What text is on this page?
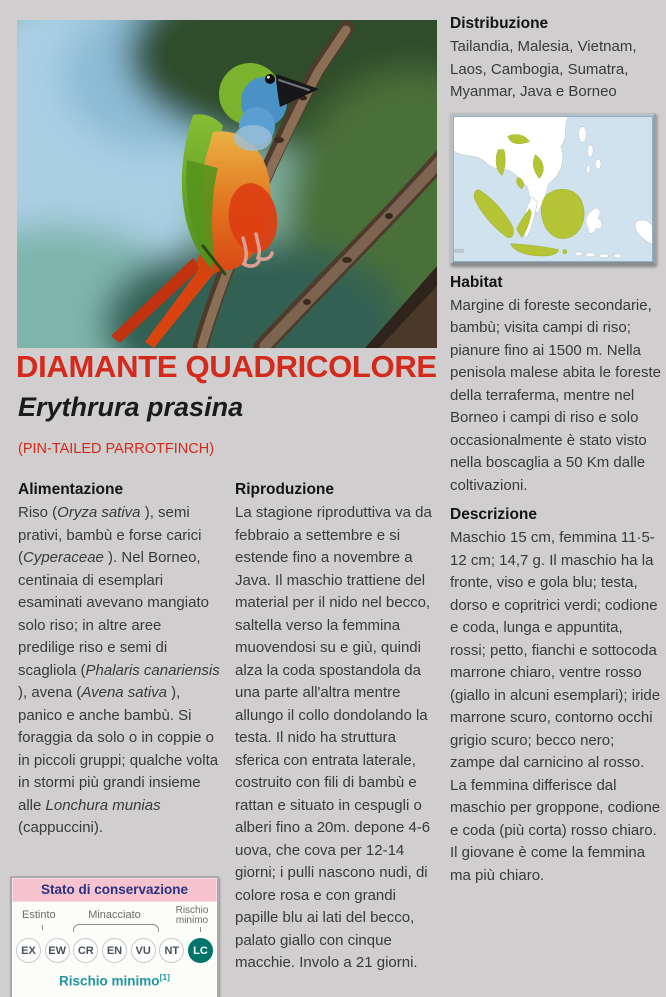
DIAMANTE QUADRICOLORE
Erythrura prasina
(PIN-TAILED PARROTFINCH)
Alimentazione

Riso (Oryza sativa ), semi prativi, bambù e forse carici (Cyperaceae ). Nel Borneo, centinaia di esemplari esaminati avevano mangiato solo riso; in altre aree predilige riso e semi di scagliola (Phalaris canariensis ), avena (Avena sativa ), panico e anche bambù. Si foraggia da solo o in coppie o in piccoli gruppi; qualche volta in stormi più grandi insieme alle Lonchura munias (cappuccini).

Riproduzione

La stagione riproduttiva va da febbraio a settembre e si estende fino a novembre a Java. Il maschio trattiene del material per il nido nel becco, saltella verso la femmina muovendosi su e giù, quindi alza la coda spostandola da una parte all'altra mentre allungo il collo dondolando la testa. Il nido ha struttura sferica con entrata laterale, costruito con fili di bambù e rattan e situato in cespugli o alberi fino a 20m. depone 4-6 uova, che cova per 12-14 giorni; i pulli nascono nudi, di colore rosa e con grandi papille blu ai lati del becco, palato giallo con cinque macchie. Involo a 21 giorni.

Distribuzione

Tailandia, Malesia, Vietnam, Laos, Cambogia, Sumatra, Myanmar, Java e Borneo

Habitat

Margine di foreste secondarie, bambù; visita campi di riso; pianure fino ai 1500 m. Nella penisola malese abita le foreste della terraferma, mentre nel Borneo i campi di riso e solo occasionalmente è stato visto nella boscaglia a 50 Km dalle coltivazioni.

Descrizione

Maschio 15 cm, femmina 11·5-12 cm; 14,7 g. Il maschio ha la fronte, viso e gola blu; testa, dorso e copritrici verdi; codione e coda, lunga e appuntita, rossi; petto, fianchi e sottocoda marrone chiaro, ventre rosso (giallo in alcuni esemplari); iride marrone scuro, contorno occhi grigio scuro; becco nero; zampe dal carnicino al rosso. La femmina differisce dal maschio per groppone, codione e coda (più corta) rosso chiaro. Il giovane è come la femmina ma più chiaro.

Stato di conservazione
Estinto	Minacciato	Rischio minimo
EX	EW	CR	EN	VU	NT	LC
Rischio minimo[1]
